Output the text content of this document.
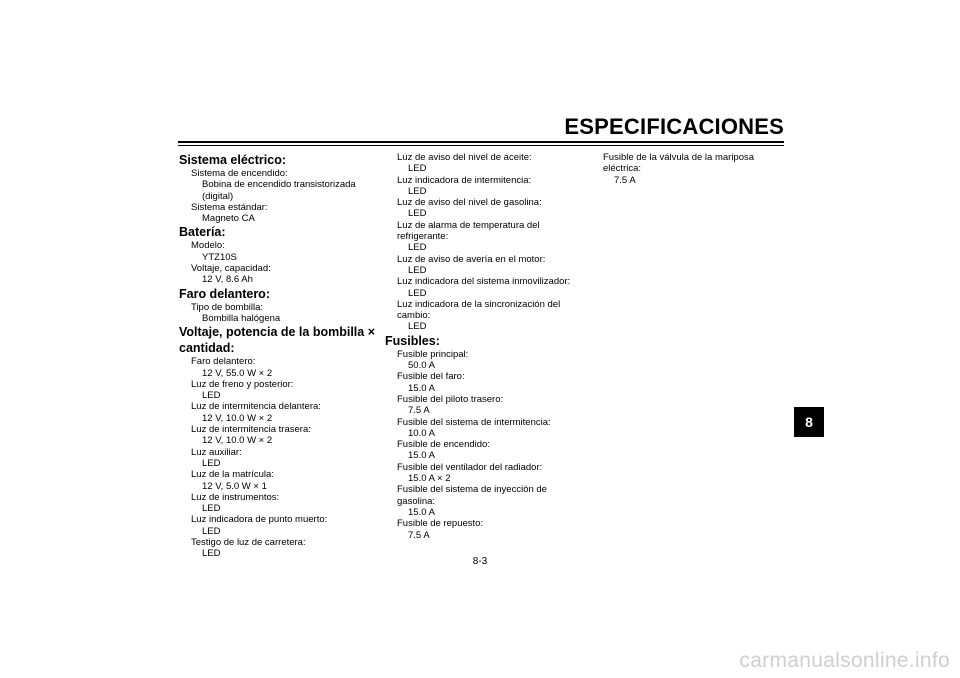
ESPECIFICACIONES
Sistema eléctrico:
Sistema de encendido:
Bobina de encendido transistorizada
(digital)
Sistema estándar:
Magneto CA
Batería:
Modelo:
YTZ10S
Voltaje, capacidad:
12 V, 8.6 Ah
Faro delantero:
Tipo de bombilla:
Bombilla halógena
Voltaje, potencia de la bombilla ×
cantidad:
Faro delantero:
12 V, 55.0 W × 2
Luz de freno y posterior:
LED
Luz de intermitencia delantera:
12 V, 10.0 W × 2
Luz de intermitencia trasera:
12 V, 10.0 W × 2
Luz auxiliar:
LED
Luz de la matrícula:
12 V, 5.0 W × 1
Luz de instrumentos:
LED
Luz indicadora de punto muerto:
LED
Testigo de luz de carretera:
LED
Luz de aviso del nivel de aceite:
LED
Luz indicadora de intermitencia:
LED
Luz de aviso del nivel de gasolina:
LED
Luz de alarma de temperatura del
refrigerante:
LED
Luz de aviso de avería en el motor:
LED
Luz indicadora del sistema inmovilizador:
LED
Luz indicadora de la sincronización del
cambio:
LED
Fusibles:
Fusible principal:
50.0 A
Fusible del faro:
15.0 A
Fusible del piloto trasero:
7.5 A
Fusible del sistema de intermitencia:
10.0 A
Fusible de encendido:
15.0 A
Fusible del ventilador del radiador:
15.0 A × 2
Fusible del sistema de inyección de gasolina:
15.0 A
Fusible de repuesto:
7.5 A
Fusible de la válvula de la mariposa eléctrica:
7.5 A
8
8-3
carmanualsonline.info
